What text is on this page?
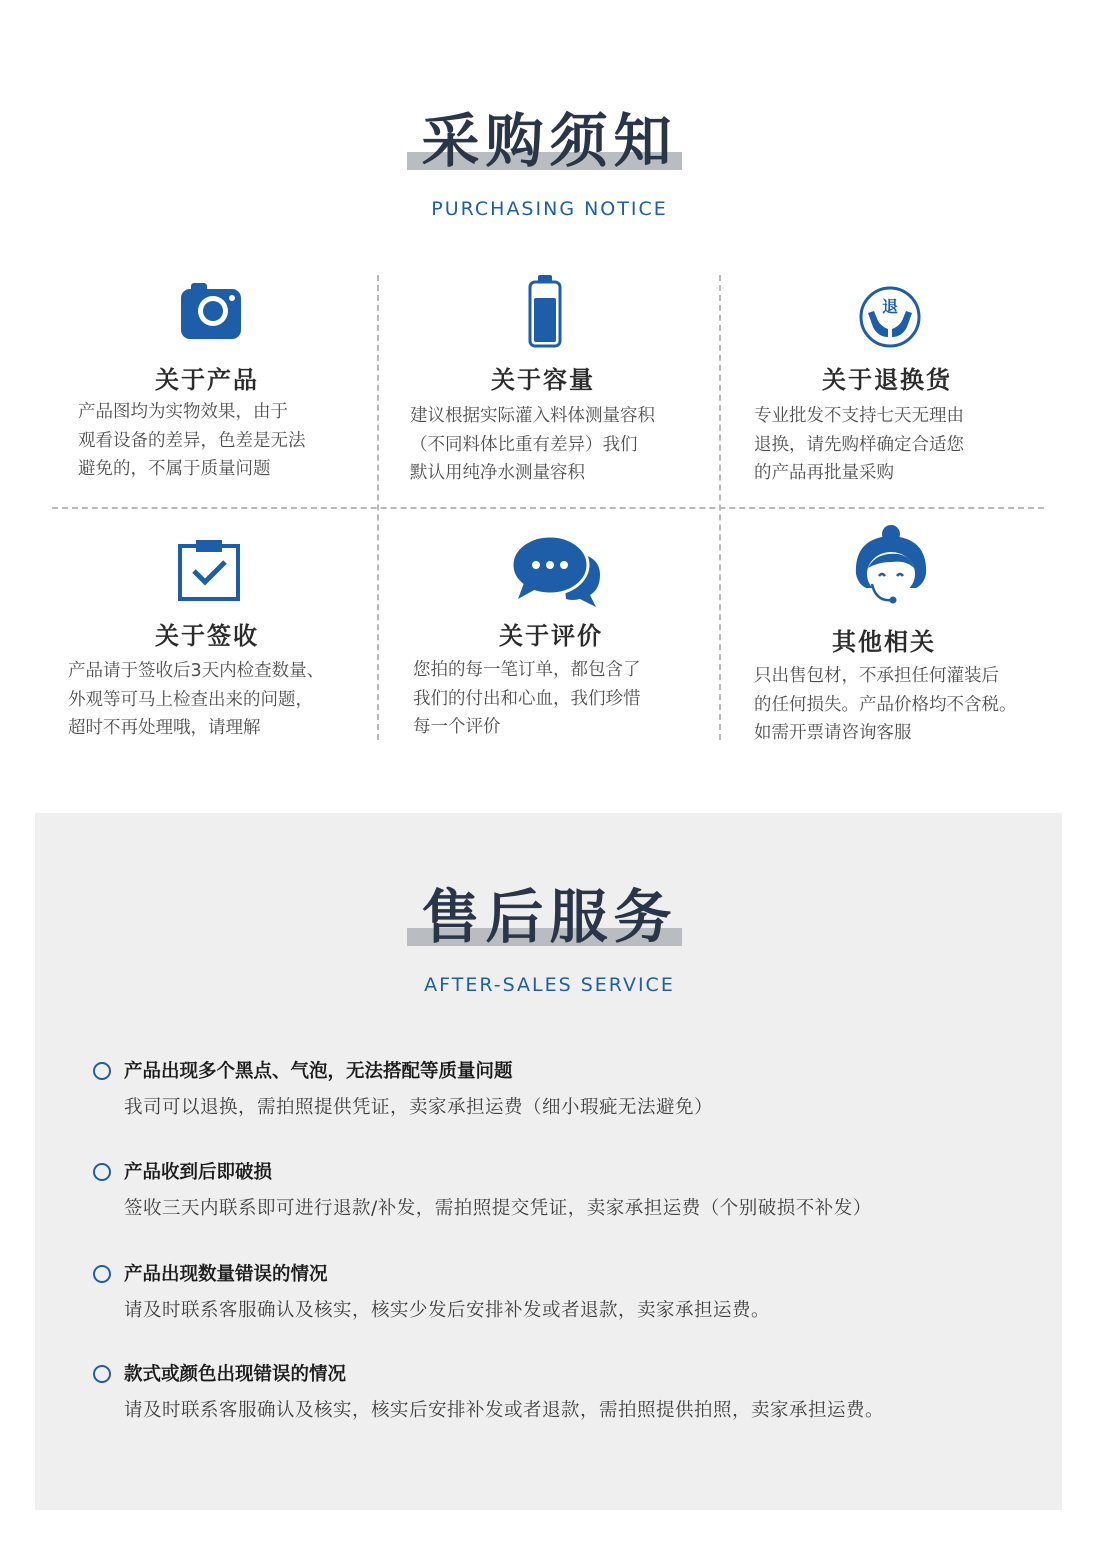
采购须知
PURCHASING NOTICE
关于产品
产品图均为实物效果，由于
观看设备的差异，色差是无法
避免的，不属于质量问题
关于容量
建议根据实际灌入料体测量容积
（不同料体比重有差异）我们
默认用纯净水测量容积
退
关于退换货
专业批发不支持七天无理由
退换，请先购样确定合适您
的产品再批量采购
关于签收
产品请于签收后3天内检查数量、
外观等可马上检查出来的问题，
超时不再处理哦，请理解
关于评价
您拍的每一笔订单，都包含了
我们的付出和心血，我们珍惜
每一个评价
其他相关
只出售包材，不承担任何灌装后
的任何损失。产品价格均不含税。
如需开票请咨询客服
售后服务
AFTER-SALES SERVICE
产品出现多个黑点、气泡，无法搭配等质量问题
我司可以退换，需拍照提供凭证，卖家承担运费（细小瑕疵无法避免）
产品收到后即破损
签收三天内联系即可进行退款/补发，需拍照提交凭证，卖家承担运费（个别破损不补发）
产品出现数量错误的情况
请及时联系客服确认及核实，核实少发后安排补发或者退款，卖家承担运费。
款式或颜色出现错误的情况
请及时联系客服确认及核实，核实后安排补发或者退款，需拍照提供拍照，卖家承担运费。
